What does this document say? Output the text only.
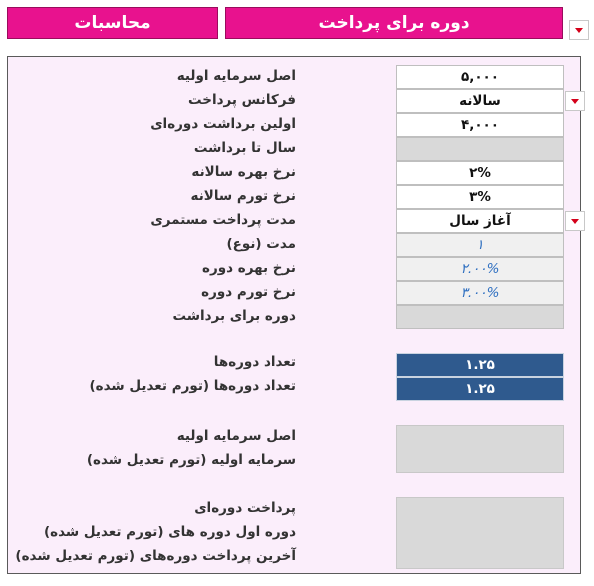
محاسبات	دوره برای پرداخت
اصل سرمایه اولیه
فرکانس پرداخت
اولین برداشت دوره‌ای
سال تا برداشت
نرخ بهره سالانه
نرخ تورم سالانه
مدت پرداخت مستمری
مدت (نوع)
نرخ بهره دوره
نرخ تورم دوره
دوره برای برداشت
۵,۰۰۰
سالانه
۴,۰۰۰
۲%
۳%
آغاز سال
۱
۲.۰۰%
۳.۰۰%
تعداد دوره‌ها
تعداد دوره‌ها (تورم تعدیل شده)
۱.۲۵
۱.۲۵
اصل سرمایه اولیه
سرمایه اولیه (تورم تعدیل شده)
پرداخت دوره‌ای
دوره اول دوره های (تورم تعدیل شده)
آخرین پرداخت دوره‌های (تورم تعدیل شده)
